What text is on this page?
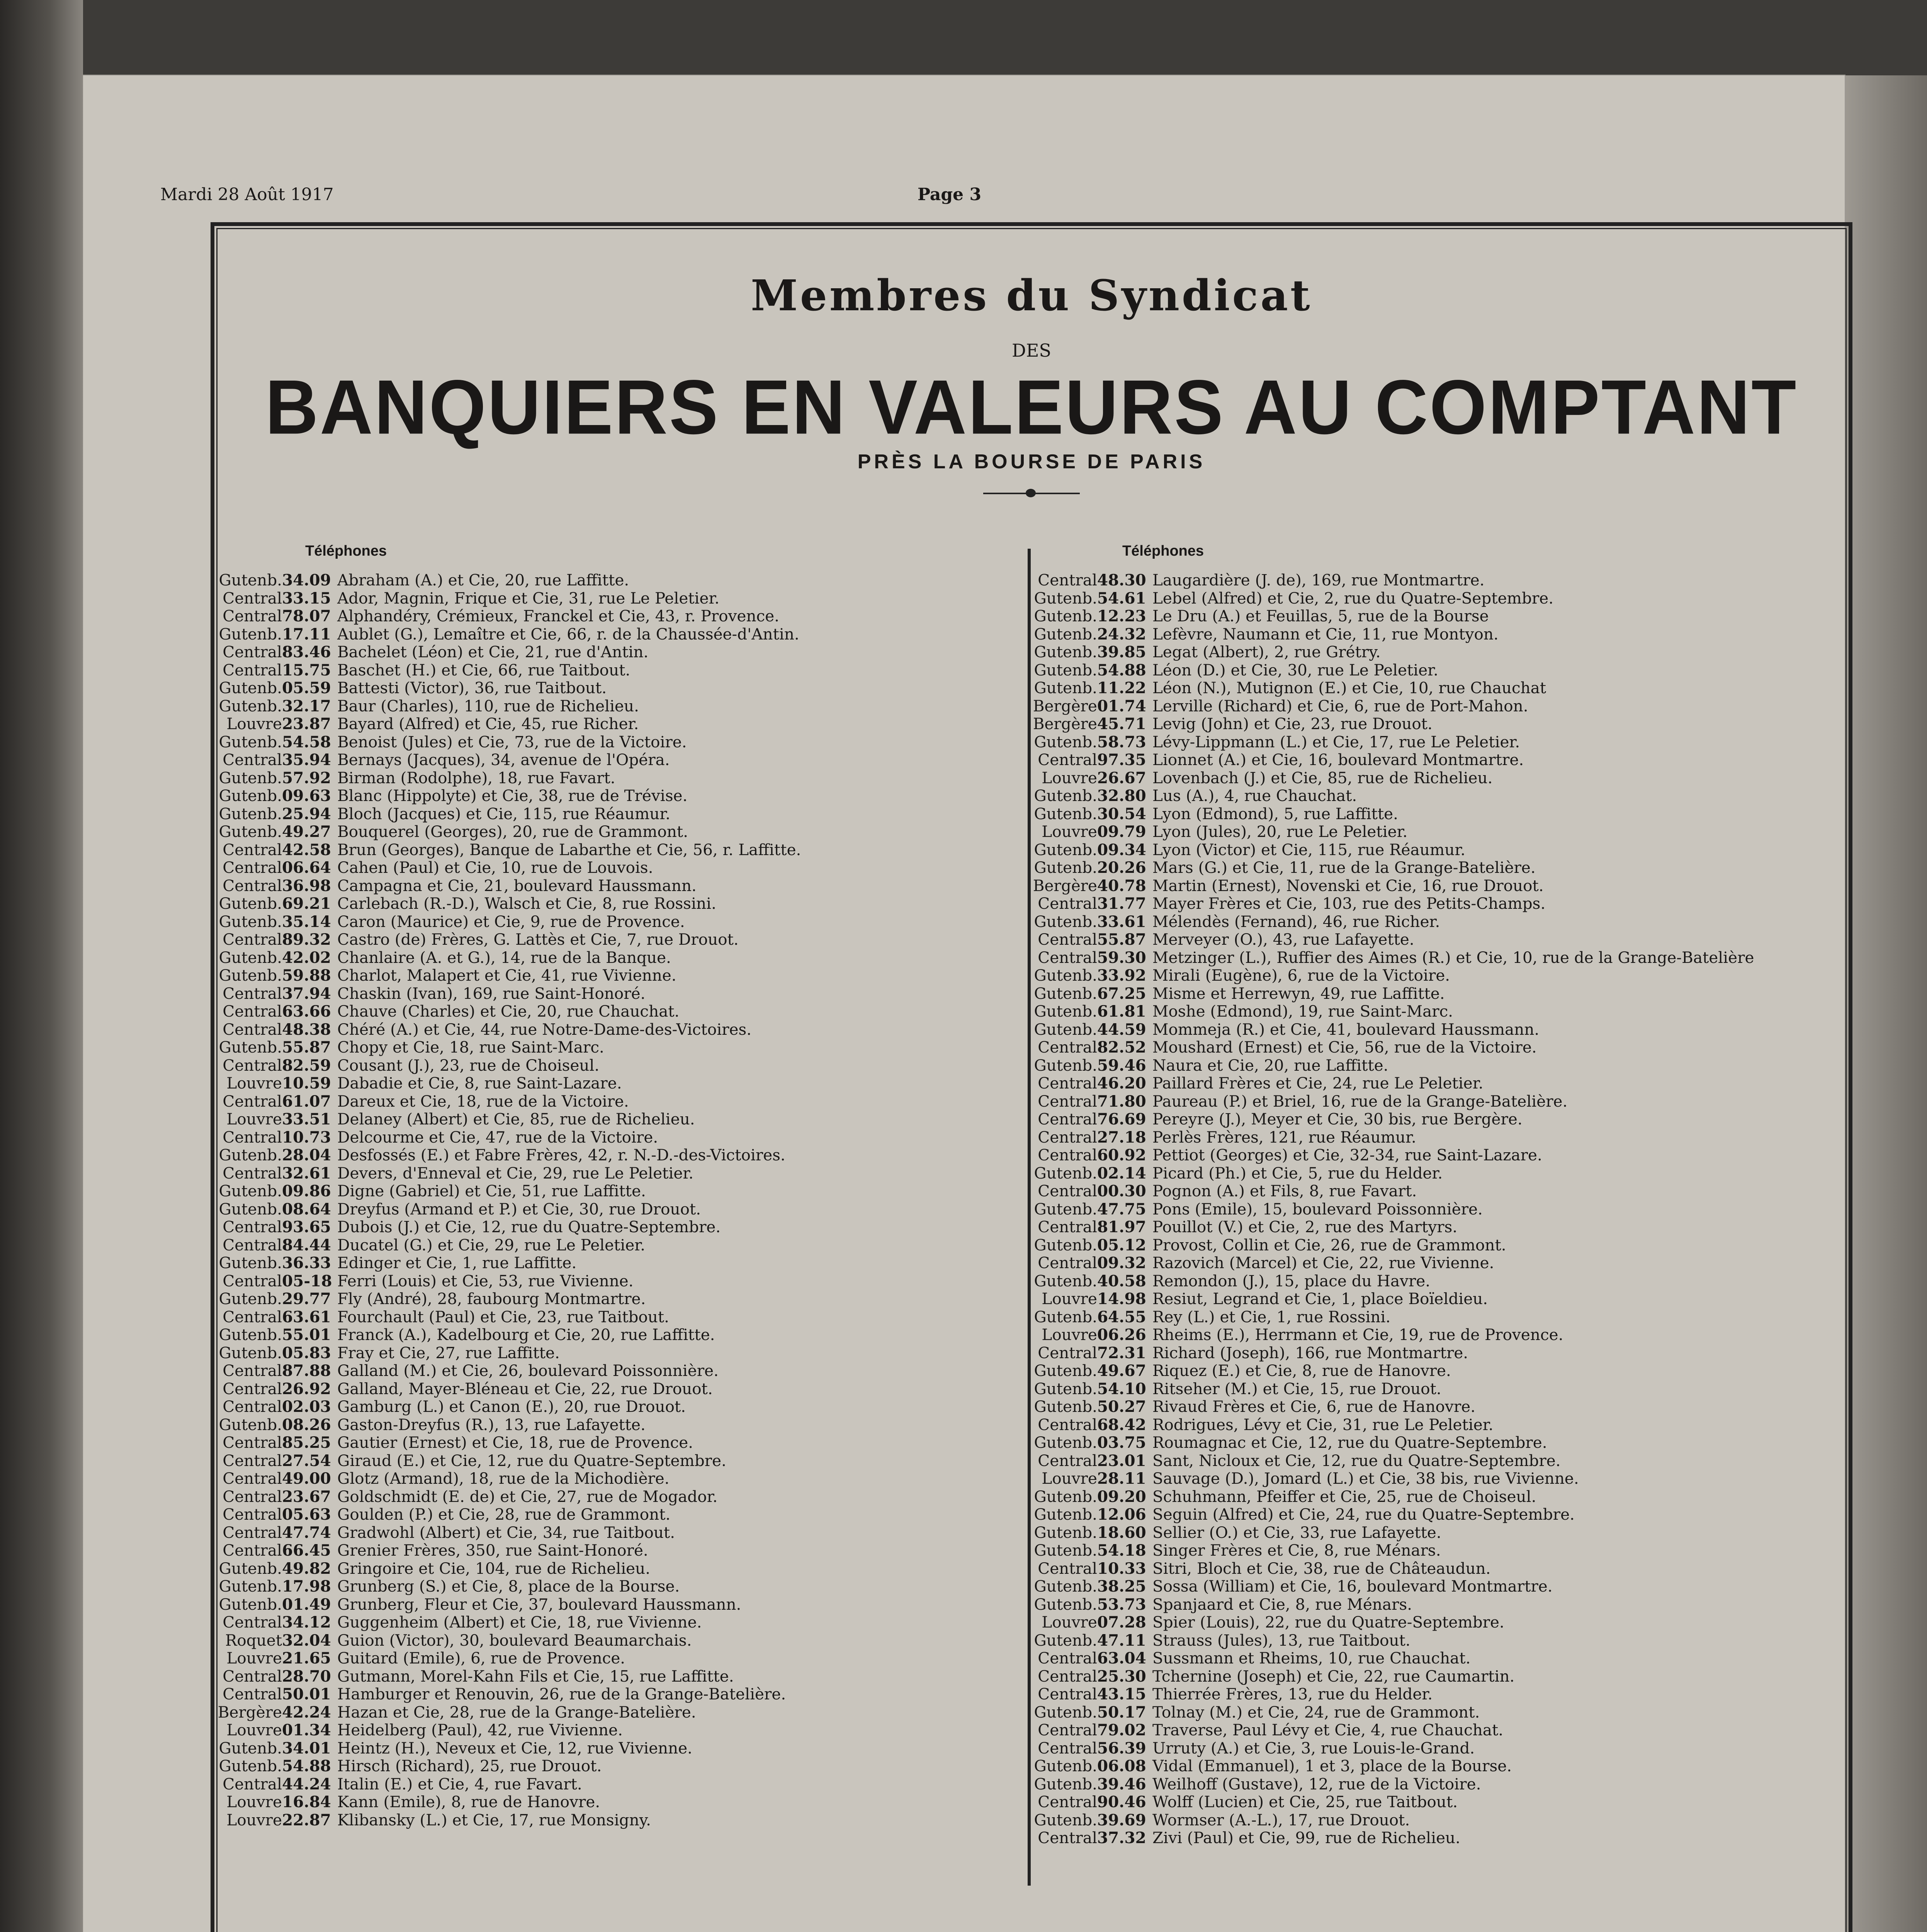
Mardi 28 Août 1917	Page 3
Membres du Syndicat
DES
BANQUIERS EN VALEURS AU COMPTANT
PRÈS LA BOURSE DE PARIS
Téléphones	Téléphones
Gutenb.34.09 Abraham (A.) et Cie, 20, rue Laffitte.
Central33.15 Ador, Magnin, Frique et Cie, 31, rue Le Peletier.
Central78.07 Alphandéry, Crémieux, Franckel et Cie, 43, r. Provence.
Gutenb.17.11 Aublet (G.), Lemaître et Cie, 66, r. de la Chaussée-d'Antin.
Central83.46 Bachelet (Léon) et Cie, 21, rue d'Antin.
Central15.75 Baschet (H.) et Cie, 66, rue Taitbout.
Gutenb.05.59 Battesti (Victor), 36, rue Taitbout.
Gutenb.32.17 Baur (Charles), 110, rue de Richelieu.
Louvre23.87 Bayard (Alfred) et Cie, 45, rue Richer.
Gutenb.54.58 Benoist (Jules) et Cie, 73, rue de la Victoire.
Central35.94 Bernays (Jacques), 34, avenue de l'Opéra.
Gutenb.57.92 Birman (Rodolphe), 18, rue Favart.
Gutenb.09.63 Blanc (Hippolyte) et Cie, 38, rue de Trévise.
Gutenb.25.94 Bloch (Jacques) et Cie, 115, rue Réaumur.
Gutenb.49.27 Bouquerel (Georges), 20, rue de Grammont.
Central42.58 Brun (Georges), Banque de Labarthe et Cie, 56, r. Laffitte.
Central06.64 Cahen (Paul) et Cie, 10, rue de Louvois.
Central36.98 Campagna et Cie, 21, boulevard Haussmann.
Gutenb.69.21 Carlebach (R.-D.), Walsch et Cie, 8, rue Rossini.
Gutenb.35.14 Caron (Maurice) et Cie, 9, rue de Provence.
Central89.32 Castro (de) Frères, G. Lattès et Cie, 7, rue Drouot.
Gutenb.42.02 Chanlaire (A. et G.), 14, rue de la Banque.
Gutenb.59.88 Charlot, Malapert et Cie, 41, rue Vivienne.
Central37.94 Chaskin (Ivan), 169, rue Saint-Honoré.
Central63.66 Chauve (Charles) et Cie, 20, rue Chauchat.
Central48.38 Chéré (A.) et Cie, 44, rue Notre-Dame-des-Victoires.
Gutenb.55.87 Chopy et Cie, 18, rue Saint-Marc.
Central82.59 Cousant (J.), 23, rue de Choiseul.
Louvre10.59 Dabadie et Cie, 8, rue Saint-Lazare.
Central61.07 Dareux et Cie, 18, rue de la Victoire.
Louvre33.51 Delaney (Albert) et Cie, 85, rue de Richelieu.
Central10.73 Delcourme et Cie, 47, rue de la Victoire.
Gutenb.28.04 Desfossés (E.) et Fabre Frères, 42, r. N.-D.-des-Victoires.
Central32.61 Devers, d'Enneval et Cie, 29, rue Le Peletier.
Gutenb.09.86 Digne (Gabriel) et Cie, 51, rue Laffitte.
Gutenb.08.64 Dreyfus (Armand et P.) et Cie, 30, rue Drouot.
Central93.65 Dubois (J.) et Cie, 12, rue du Quatre-Septembre.
Central84.44 Ducatel (G.) et Cie, 29, rue Le Peletier.
Gutenb.36.33 Edinger et Cie, 1, rue Laffitte.
Central05-18 Ferri (Louis) et Cie, 53, rue Vivienne.
Gutenb.29.77 Fly (André), 28, faubourg Montmartre.
Central63.61 Fourchault (Paul) et Cie, 23, rue Taitbout.
Gutenb.55.01 Franck (A.), Kadelbourg et Cie, 20, rue Laffitte.
Gutenb.05.83 Fray et Cie, 27, rue Laffitte.
Central87.88 Galland (M.) et Cie, 26, boulevard Poissonnière.
Central26.92 Galland, Mayer-Bléneau et Cie, 22, rue Drouot.
Central02.03 Gamburg (L.) et Canon (E.), 20, rue Drouot.
Gutenb.08.26 Gaston-Dreyfus (R.), 13, rue Lafayette.
Central85.25 Gautier (Ernest) et Cie, 18, rue de Provence.
Central27.54 Giraud (E.) et Cie, 12, rue du Quatre-Septembre.
Central49.00 Glotz (Armand), 18, rue de la Michodière.
Central23.67 Goldschmidt (E. de) et Cie, 27, rue de Mogador.
Central05.63 Goulden (P.) et Cie, 28, rue de Grammont.
Central47.74 Gradwohl (Albert) et Cie, 34, rue Taitbout.
Central66.45 Grenier Frères, 350, rue Saint-Honoré.
Gutenb.49.82 Gringoire et Cie, 104, rue de Richelieu.
Gutenb.17.98 Grunberg (S.) et Cie, 8, place de la Bourse.
Gutenb.01.49 Grunberg, Fleur et Cie, 37, boulevard Haussmann.
Central34.12 Guggenheim (Albert) et Cie, 18, rue Vivienne.
Roquet32.04 Guion (Victor), 30, boulevard Beaumarchais.
Louvre21.65 Guitard (Emile), 6, rue de Provence.
Central28.70 Gutmann, Morel-Kahn Fils et Cie, 15, rue Laffitte.
Central50.01 Hamburger et Renouvin, 26, rue de la Grange-Batelière.
Bergère42.24 Hazan et Cie, 28, rue de la Grange-Batelière.
Louvre01.34 Heidelberg (Paul), 42, rue Vivienne.
Gutenb.34.01 Heintz (H.), Neveux et Cie, 12, rue Vivienne.
Gutenb.54.88 Hirsch (Richard), 25, rue Drouot.
Central44.24 Italin (E.) et Cie, 4, rue Favart.
Louvre16.84 Kann (Emile), 8, rue de Hanovre.
Louvre22.87 Klibansky (L.) et Cie, 17, rue Monsigny.
Central48.30 Laugardière (J. de), 169, rue Montmartre.
Gutenb.54.61 Lebel (Alfred) et Cie, 2, rue du Quatre-Septembre.
Gutenb.12.23 Le Dru (A.) et Feuillas, 5, rue de la Bourse
Gutenb.24.32 Lefèvre, Naumann et Cie, 11, rue Montyon.
Gutenb.39.85 Legat (Albert), 2, rue Grétry.
Gutenb.54.88 Léon (D.) et Cie, 30, rue Le Peletier.
Gutenb.11.22 Léon (N.), Mutignon (E.) et Cie, 10, rue Chauchat
Bergère01.74 Lerville (Richard) et Cie, 6, rue de Port-Mahon.
Bergère45.71 Levig (John) et Cie, 23, rue Drouot.
Gutenb.58.73 Lévy-Lippmann (L.) et Cie, 17, rue Le Peletier.
Central97.35 Lionnet (A.) et Cie, 16, boulevard Montmartre.
Louvre26.67 Lovenbach (J.) et Cie, 85, rue de Richelieu.
Gutenb.32.80 Lus (A.), 4, rue Chauchat.
Gutenb.30.54 Lyon (Edmond), 5, rue Laffitte.
Louvre09.79 Lyon (Jules), 20, rue Le Peletier.
Gutenb.09.34 Lyon (Victor) et Cie, 115, rue Réaumur.
Gutenb.20.26 Mars (G.) et Cie, 11, rue de la Grange-Batelière.
Bergère40.78 Martin (Ernest), Novenski et Cie, 16, rue Drouot.
Central31.77 Mayer Frères et Cie, 103, rue des Petits-Champs.
Gutenb.33.61 Mélendès (Fernand), 46, rue Richer.
Central55.87 Merveyer (O.), 43, rue Lafayette.
Central59.30 Metzinger (L.), Ruffier des Aimes (R.) et Cie, 10, rue de la Grange-Batelière
Gutenb.33.92 Mirali (Eugène), 6, rue de la Victoire.
Gutenb.67.25 Misme et Herrewyn, 49, rue Laffitte.
Gutenb.61.81 Moshe (Edmond), 19, rue Saint-Marc.
Gutenb.44.59 Mommeja (R.) et Cie, 41, boulevard Haussmann.
Central82.52 Moushard (Ernest) et Cie, 56, rue de la Victoire.
Gutenb.59.46 Naura et Cie, 20, rue Laffitte.
Central46.20 Paillard Frères et Cie, 24, rue Le Peletier.
Central71.80 Paureau (P.) et Briel, 16, rue de la Grange-Batelière.
Central76.69 Pereyre (J.), Meyer et Cie, 30 bis, rue Bergère.
Central27.18 Perlès Frères, 121, rue Réaumur.
Central60.92 Pettiot (Georges) et Cie, 32-34, rue Saint-Lazare.
Gutenb.02.14 Picard (Ph.) et Cie, 5, rue du Helder.
Central00.30 Pognon (A.) et Fils, 8, rue Favart.
Gutenb.47.75 Pons (Emile), 15, boulevard Poissonnière.
Central81.97 Pouillot (V.) et Cie, 2, rue des Martyrs.
Gutenb.05.12 Provost, Collin et Cie, 26, rue de Grammont.
Central09.32 Razovich (Marcel) et Cie, 22, rue Vivienne.
Gutenb.40.58 Remondon (J.), 15, place du Havre.
Louvre14.98 Resiut, Legrand et Cie, 1, place Boïeldieu.
Gutenb.64.55 Rey (L.) et Cie, 1, rue Rossini.
Louvre06.26 Rheims (E.), Herrmann et Cie, 19, rue de Provence.
Central72.31 Richard (Joseph), 166, rue Montmartre.
Gutenb.49.67 Riquez (E.) et Cie, 8, rue de Hanovre.
Gutenb.54.10 Ritseher (M.) et Cie, 15, rue Drouot.
Gutenb.50.27 Rivaud Frères et Cie, 6, rue de Hanovre.
Central68.42 Rodrigues, Lévy et Cie, 31, rue Le Peletier.
Gutenb.03.75 Roumagnac et Cie, 12, rue du Quatre-Septembre.
Central23.01 Sant, Nicloux et Cie, 12, rue du Quatre-Septembre.
Louvre28.11 Sauvage (D.), Jomard (L.) et Cie, 38 bis, rue Vivienne.
Gutenb.09.20 Schuhmann, Pfeiffer et Cie, 25, rue de Choiseul.
Gutenb.12.06 Seguin (Alfred) et Cie, 24, rue du Quatre-Septembre.
Gutenb.18.60 Sellier (O.) et Cie, 33, rue Lafayette.
Gutenb.54.18 Singer Frères et Cie, 8, rue Ménars.
Central10.33 Sitri, Bloch et Cie, 38, rue de Châteaudun.
Gutenb.38.25 Sossa (William) et Cie, 16, boulevard Montmartre.
Gutenb.53.73 Spanjaard et Cie, 8, rue Ménars.
Louvre07.28 Spier (Louis), 22, rue du Quatre-Septembre.
Gutenb.47.11 Strauss (Jules), 13, rue Taitbout.
Central63.04 Sussmann et Rheims, 10, rue Chauchat.
Central25.30 Tchernine (Joseph) et Cie, 22, rue Caumartin.
Central43.15 Thierrée Frères, 13, rue du Helder.
Gutenb.50.17 Tolnay (M.) et Cie, 24, rue de Grammont.
Central79.02 Traverse, Paul Lévy et Cie, 4, rue Chauchat.
Central56.39 Urruty (A.) et Cie, 3, rue Louis-le-Grand.
Gutenb.06.08 Vidal (Emmanuel), 1 et 3, place de la Bourse.
Gutenb.39.46 Weilhoff (Gustave), 12, rue de la Victoire.
Central90.46 Wolff (Lucien) et Cie, 25, rue Taitbout.
Gutenb.39.69 Wormser (A.-L.), 17, rue Drouot.
Central37.32 Zivi (Paul) et Cie, 99, rue de Richelieu.
